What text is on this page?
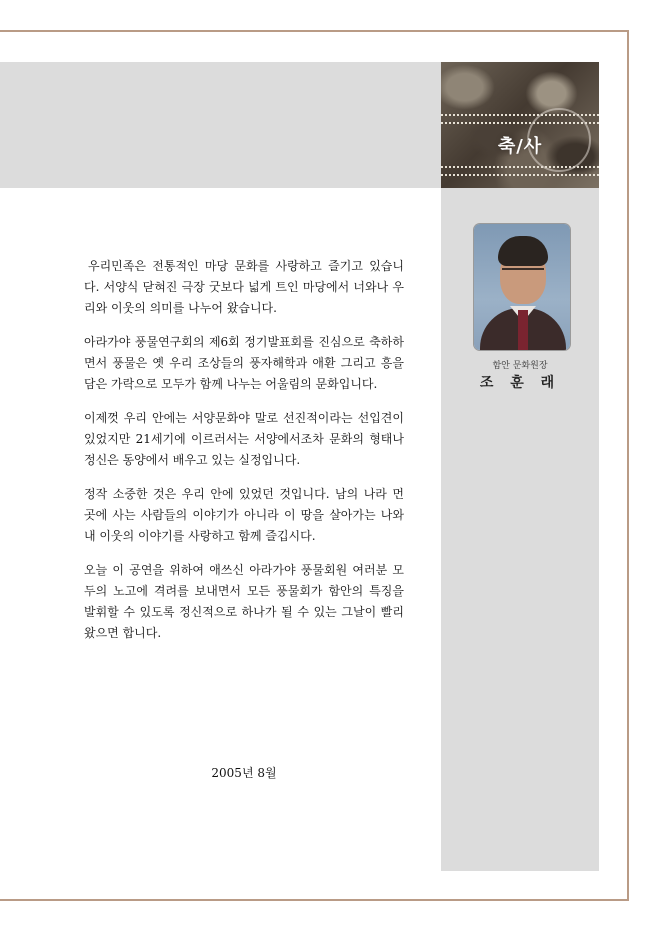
축/사
함안 문화원장
조 훈 래

우리민족은 전통적인 마당 문화를 사랑하고 즐기고 있습니다. 서양식 닫혀진 극장 굿보다 넓게 트인 마당에서 너와나 우리와 이웃의 의미를 나누어 왔습니다.

아라가야 풍물연구회의 제6회 정기발표회를 진심으로 축하하면서 풍물은 옛 우리 조상들의 풍자해학과 애환 그리고 흥을 담은 가락으로 모두가 함께 나누는 어울림의 문화입니다.

이제껏 우리 안에는 서양문화야 말로 선진적이라는 선입견이 있었지만 21세기에 이르러서는 서양에서조차 문화의 형태나 정신은 동양에서 배우고 있는 실정입니다.

정작 소중한 것은 우리 안에 있었던 것입니다. 남의 나라 먼 곳에 사는 사람들의 이야기가 아니라 이 땅을 살아가는 나와 내 이웃의 이야기를 사랑하고 함께 즐깁시다.

오늘 이 공연을 위하여 애쓰신 아라가야 풍물회원 여러분 모두의 노고에 격려를 보내면서 모든 풍물회가 함안의 특징을 발휘할 수 있도록 정신적으로 하나가 될 수 있는 그날이 빨리 왔으면 합니다.

2005년 8월
